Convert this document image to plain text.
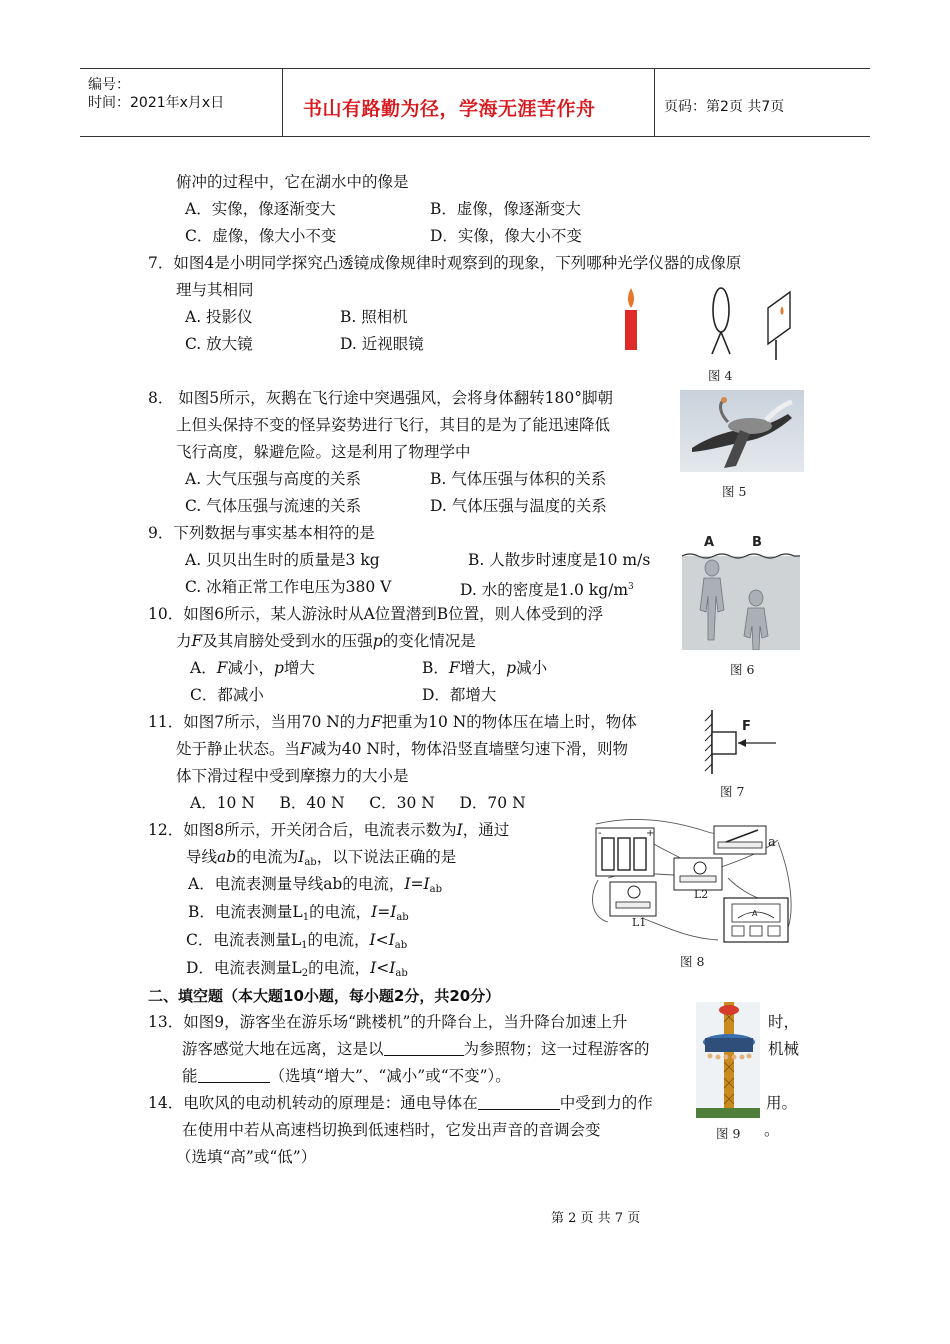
编号：
时间：2021年x月x日	书山有路勤为径，学海无涯苦作舟	页码：第2页 共7页
俯冲的过程中，它在湖水中的像是
A．实像，像逐渐变大	B．虚像，像逐渐变大
C．虚像，像大小不变	D．实像，像大小不变
7．如图4是小明同学探究凸透镜成像规律时观察到的现象，下列哪种光学仪器的成像原
理与其相同
A. 投影仪	B. 照相机
C. 放大镜	D. 近视眼镜
图 4
8． 如图5所示，灰鹅在飞行途中突遇强风，会将身体翻转180°脚朝
上但头保持不变的怪异姿势进行飞行，其目的是为了能迅速降低
飞行高度，躲避危险。这是利用了物理学中
A. 大气压强与高度的关系	B. 气体压强与体积的关系
C. 气体压强与流速的关系	D. 气体压强与温度的关系
图 5
9．下列数据与事实基本相符的是
A. 贝贝出生时的质量是3 kg	B. 人散步时速度是10 m/s
C. 冰箱正常工作电压为380 V	D. 水的密度是1.0 $kg/m^3$
10．如图6所示，某人游泳时从A位置潜到B位置，则人体受到的浮
力F及其肩膀处受到水的压强p的变化情况是
A．F减小，p增大	B．F增大，p减小
C．都减小	D．都增大
A	B
图 6
11．如图7所示，当用70 N的力F把重为10 N的物体压在墙上时，物体
处于静止状态。当F减为40 N时，物体沿竖直墙壁匀速下滑，则物
体下滑过程中受到摩擦力的大小是
A．10 N     B．40 N     C．30 N     D．70 N
F
图 7
12．如图8所示，开关闭合后，电流表示数为I，通过
导线ab的电流为$I_{ab}$，以下说法正确的是
A．电流表测量导线ab的电流，$I=I_{ab}$
B．电流表测量$L_1$的电流，$I=I_{ab}$
C．电流表测量$L_1$的电流，$I<I_{ab}$
D．电流表测量$L_2$的电流，$I<I_{ab}$
-	+
a
L2
L1
A
图 8
二、填空题（本大题10小题，每小题2分，共20分）
13．如图9，游客坐在游乐场“跳楼机”的升降台上，当升降台加速上升	时，
游客感觉大地在远离，这是以	为参照物；这一过程游客的	机械
能	（选填“增大”、“减小”或“不变”）。
14．电吹风的电动机转动的原理是：通电导体在	中受到力的作	用。
在使用中若从高速档切换到低速档时，它发出声音的音调会变	。
（选填“高”或“低”）
图 9
第 2 页 共 7 页
